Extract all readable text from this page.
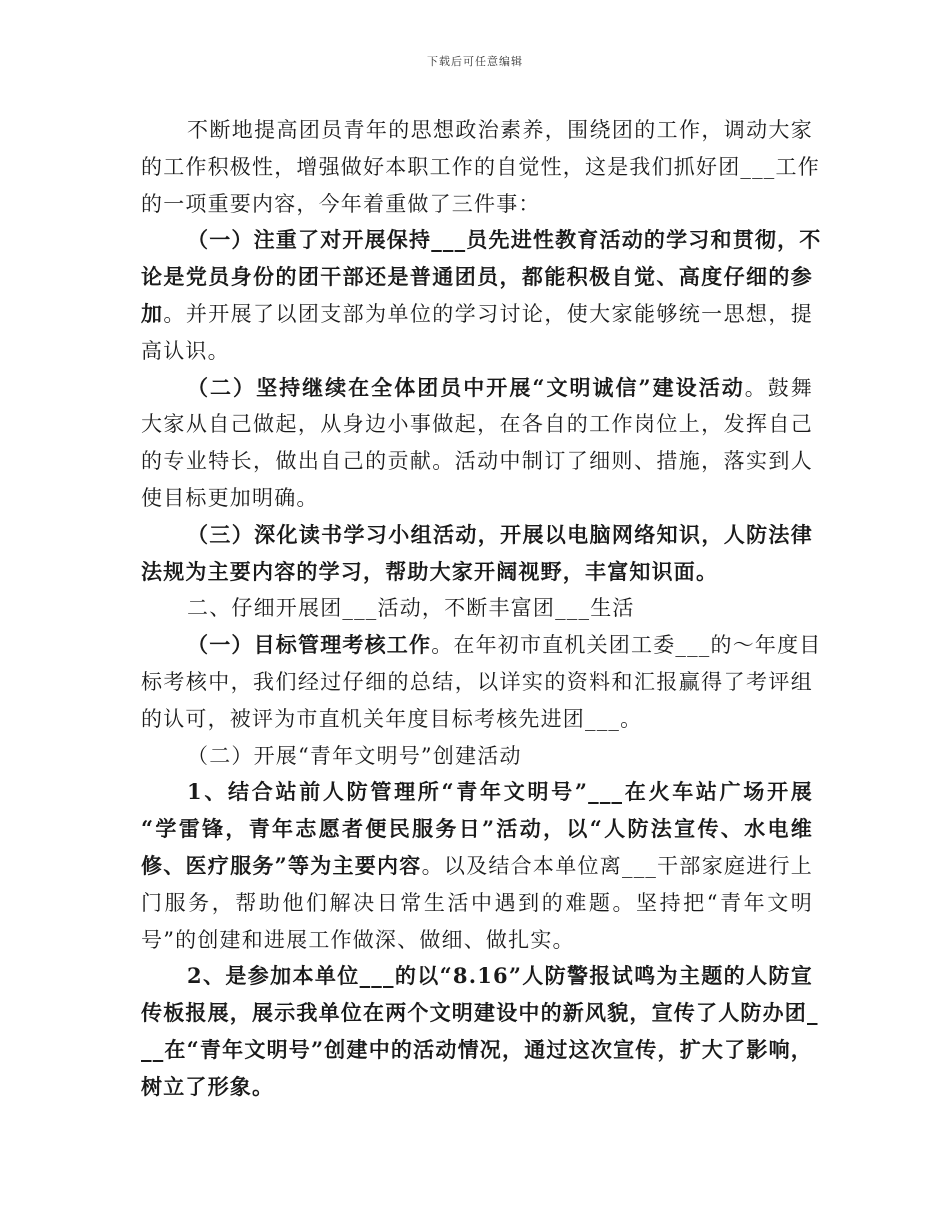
下载后可任意编辑
不断地提高团员青年的思想政治素养，围绕团的工作，调动大家
的工作积极性，增强做好本职工作的自觉性，这是我们抓好团___工作
的一项重要内容，今年着重做了三件事：
（一）注重了对开展保持___员先进性教育活动的学习和贯彻，不
论是党员身份的团干部还是普通团员，都能积极自觉、高度仔细的参
加。并开展了以团支部为单位的学习讨论，使大家能够统一思想，提
高认识。
（二）坚持继续在全体团员中开展“文明诚信”建设活动。鼓舞
大家从自己做起，从身边小事做起，在各自的工作岗位上，发挥自己
的专业特长，做出自己的贡献。活动中制订了细则、措施，落实到人
使目标更加明确。
（三）深化读书学习小组活动，开展以电脑网络知识，人防法律
法规为主要内容的学习，帮助大家开阔视野，丰富知识面。
二、仔细开展团___活动，不断丰富团___生活
（一）目标管理考核工作。在年初市直机关团工委___的～年度目
标考核中，我们经过仔细的总结，以详实的资料和汇报赢得了考评组
的认可，被评为市直机关年度目标考核先进团___。
（二）开展“青年文明号”创建活动
1、结合站前人防管理所“青年文明号”___在火车站广场开展
“学雷锋，青年志愿者便民服务日”活动，以“人防法宣传、水电维
修、医疗服务”等为主要内容。以及结合本单位离___干部家庭进行上
门服务，帮助他们解决日常生活中遇到的难题。坚持把“青年文明
号”的创建和进展工作做深、做细、做扎实。
2、是参加本单位___的以“8.16”人防警报试鸣为主题的人防宣
传板报展，展示我单位在两个文明建设中的新风貌，宣传了人防办团_
__在“青年文明号”创建中的活动情况，通过这次宣传，扩大了影响，
树立了形象。
